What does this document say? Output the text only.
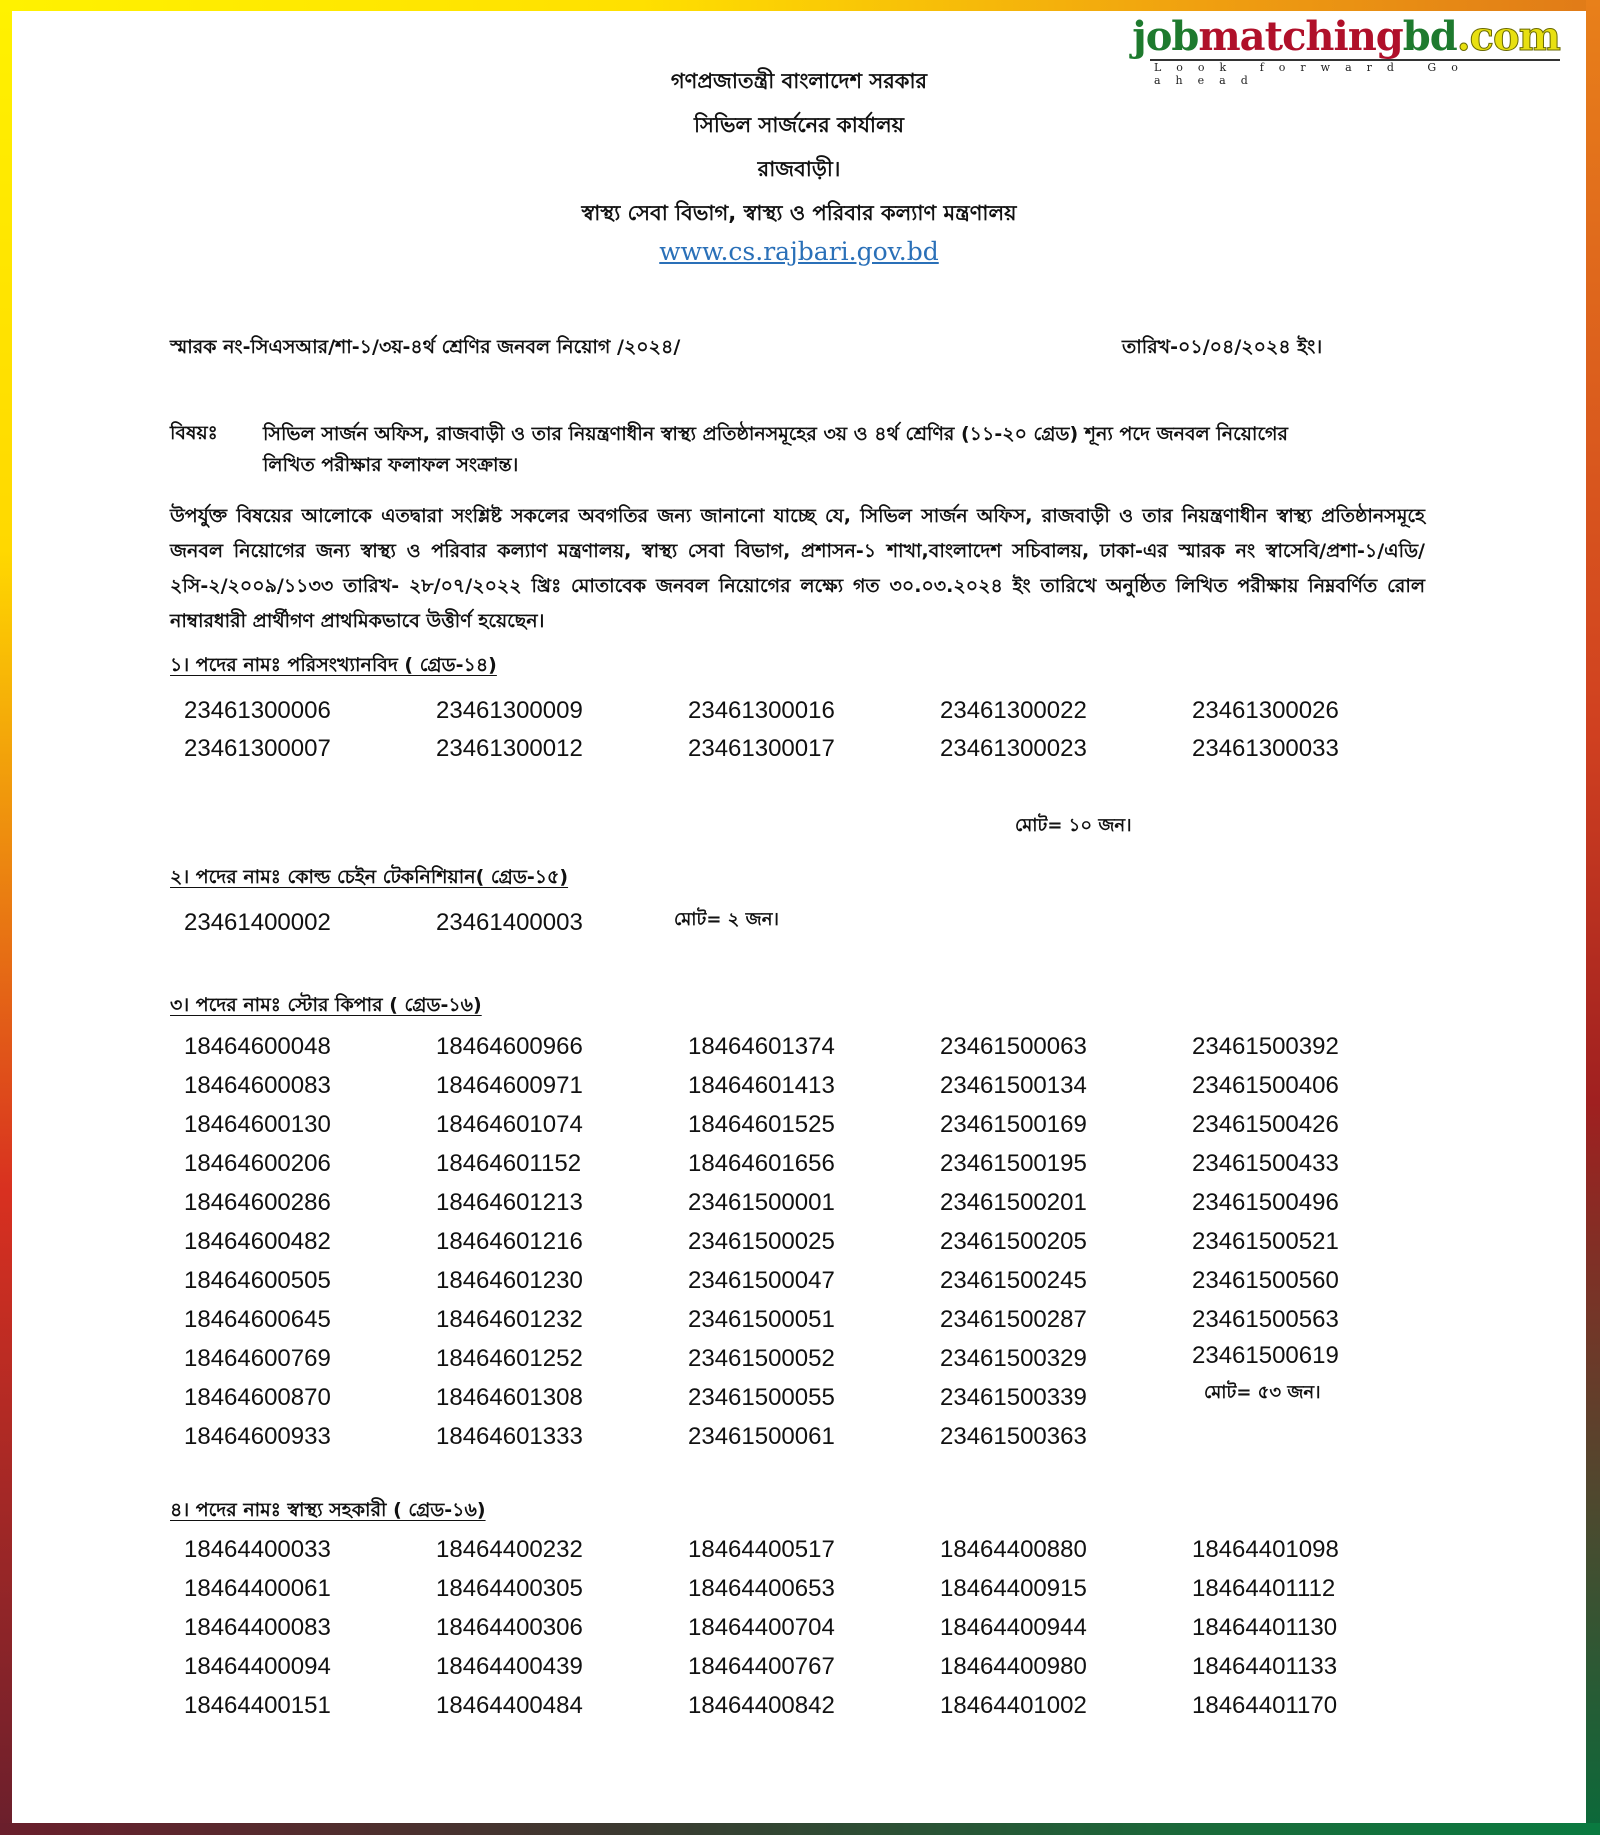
jobmatchingbd.com
Look forward Go ahead
গণপ্রজাতন্ত্রী বাংলাদেশ সরকার
সিভিল সার্জনের কার্যালয়
রাজবাড়ী।
স্বাস্থ্য সেবা বিভাগ, স্বাস্থ্য ও পরিবার কল্যাণ মন্ত্রণালয়
www.cs.rajbari.gov.bd
স্মারক নং-সিএসআর/শা-১/৩য়-৪র্থ শ্রেণির জনবল নিয়োগ /২০২৪/	তারিখ-০১/০৪/২০২৪ ইং।
বিষয়ঃ সিভিল সার্জন অফিস, রাজবাড়ী ও তার নিয়ন্ত্রণাধীন স্বাস্থ্য প্রতিষ্ঠানসমূহের ৩য় ও ৪র্থ শ্রেণির (১১-২০ গ্রেড) শূন্য পদে জনবল নিয়োগের লিখিত পরীক্ষার ফলাফল সংক্রান্ত।
উপর্যুক্ত বিষয়ের আলোকে এতদ্বারা সংশ্লিষ্ট সকলের অবগতির জন্য জানানো যাচ্ছে যে, সিভিল সার্জন অফিস, রাজবাড়ী ও তার নিয়ন্ত্রণাধীন স্বাস্থ্য প্রতিষ্ঠানসমূহে জনবল নিয়োগের জন্য স্বাস্থ্য ও পরিবার কল্যাণ মন্ত্রণালয়, স্বাস্থ্য সেবা বিভাগ, প্রশাসন-১ শাখা,বাংলাদেশ সচিবালয়, ঢাকা-এর স্মারক নং স্বাসেবি/প্রশা-১/এডি/২সি-২/২০০৯/১১৩৩ তারিখ- ২৮/০৭/২০২২ খ্রিঃ মোতাবেক জনবল নিয়োগের লক্ষ্যে গত ৩০.০৩.২০২৪ ইং তারিখে অনুষ্ঠিত লিখিত পরীক্ষায় নিম্নবর্ণিত রোল নাম্বারধারী প্রার্থীগণ প্রাথমিকভাবে উত্তীর্ণ হয়েছেন।
১। পদের নামঃ পরিসংখ্যানবিদ ( গ্রেড-১৪)
23461300006	23461300009	23461300016	23461300022	23461300026
23461300007	23461300012	23461300017	23461300023	23461300033
মোট= ১০ জন।
২। পদের নামঃ কোল্ড চেইন টেকনিশিয়ান( গ্রেড-১৫)
23461400002	23461400003	মোট= ২ জন।
৩। পদের নামঃ স্টোর কিপার ( গ্রেড-১৬)
18464600048	18464600966	18464601374	23461500063	23461500392
18464600083	18464600971	18464601413	23461500134	23461500406
18464600130	18464601074	18464601525	23461500169	23461500426
18464600206	18464601152	18464601656	23461500195	23461500433
18464600286	18464601213	23461500001	23461500201	23461500496
18464600482	18464601216	23461500025	23461500205	23461500521
18464600505	18464601230	23461500047	23461500245	23461500560
18464600645	18464601232	23461500051	23461500287	23461500563
18464600769	18464601252	23461500052	23461500329	23461500619
18464600870	18464601308	23461500055	23461500339
18464600933	18464601333	23461500061	23461500363
মোট= ৫৩ জন।
৪। পদের নামঃ স্বাস্থ্য সহকারী ( গ্রেড-১৬)
18464400033	18464400232	18464400517	18464400880	18464401098
18464400061	18464400305	18464400653	18464400915	18464401112
18464400083	18464400306	18464400704	18464400944	18464401130
18464400094	18464400439	18464400767	18464400980	18464401133
18464400151	18464400484	18464400842	18464401002	18464401170
